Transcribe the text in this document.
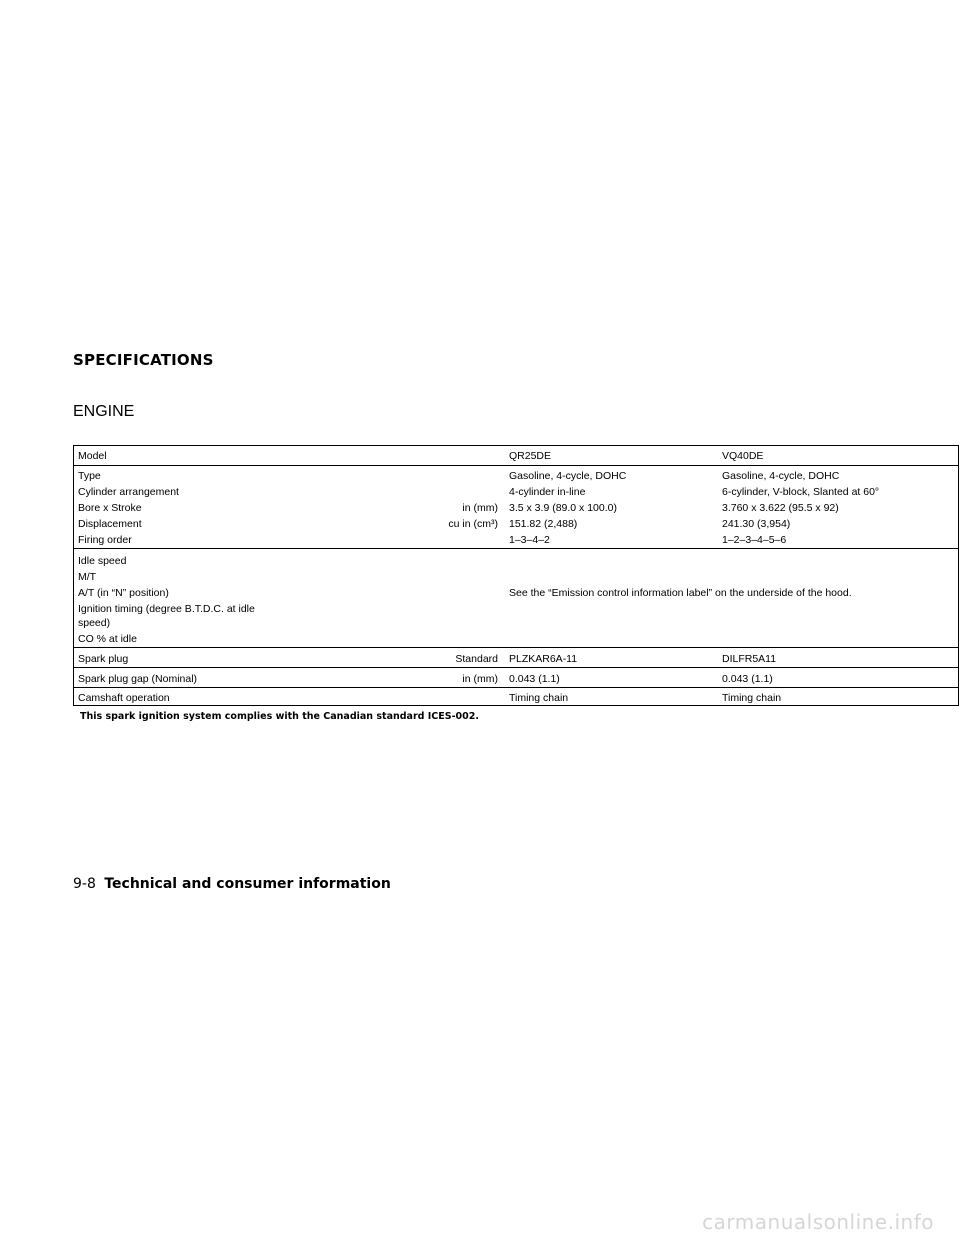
SPECIFICATIONS
ENGINE
Model	QR25DE	VQ40DE
Type	Gasoline, 4-cycle, DOHC	Gasoline, 4-cycle, DOHC
Cylinder arrangement	4-cylinder in-line	6-cylinder, V-block, Slanted at 60°
Bore x Stroke	in (mm) 3.5 x 3.9 (89.0 x 100.0)	3.760 x 3.622 (95.5 x 92)
Displacement	cu in (cm³) 151.82 (2,488)	241.30 (3,954)
Firing order	1–3–4–2	1–2–3–4–5–6
Idle speed
M/T
A/T (in “N” position)	See the “Emission control information label” on the underside of the hood.
Ignition timing (degree B.T.D.C. at idle
speed)
CO % at idle
Spark plug	Standard PLZKAR6A-11	DILFR5A11
Spark plug gap (Nominal)	in (mm) 0.043 (1.1)	0.043 (1.1)
Camshaft operation	Timing chain	Timing chain

This spark ignition system complies with the Canadian standard ICES-002.

9-8 Technical and consumer information

carmanualsonline.info
